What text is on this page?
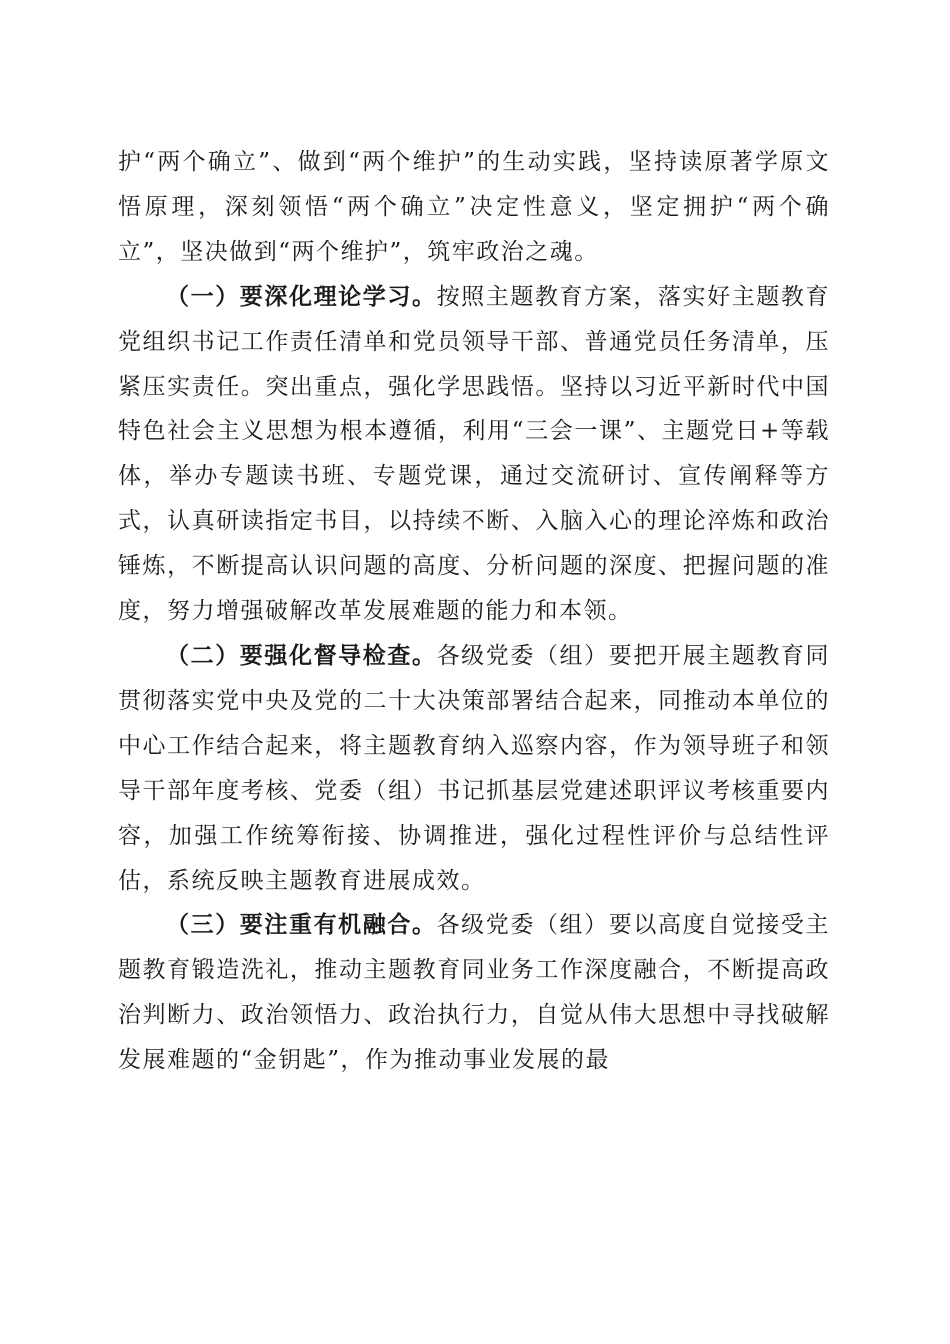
护“两个确立”、做到“两个维护”的生动实践，坚持读原著学原文悟原理，深刻领悟“两个确立”决定性意义，坚定拥护“两个确立”，坚决做到“两个维护”，筑牢政治之魂。

（一）要深化理论学习。按照主题教育方案，落实好主题教育党组织书记工作责任清单和党员领导干部、普通党员任务清单，压紧压实责任。突出重点，强化学思践悟。坚持以习近平新时代中国特色社会主义思想为根本遵循，利用“三会一课”、主题党日+等载体，举办专题读书班、专题党课，通过交流研讨、宣传阐释等方式，认真研读指定书目，以持续不断、入脑入心的理论淬炼和政治锤炼，不断提高认识问题的高度、分析问题的深度、把握问题的准度，努力增强破解改革发展难题的能力和本领。

（二）要强化督导检查。各级党委（组）要把开展主题教育同贯彻落实党中央及党的二十大决策部署结合起来，同推动本单位的中心工作结合起来，将主题教育纳入巡察内容，作为领导班子和领导干部年度考核、党委（组）书记抓基层党建述职评议考核重要内容，加强工作统筹衔接、协调推进，强化过程性评价与总结性评估，系统反映主题教育进展成效。

（三）要注重有机融合。各级党委（组）要以高度自觉接受主题教育锻造洗礼，推动主题教育同业务工作深度融合，不断提高政治判断力、政治领悟力、政治执行力，自觉从伟大思想中寻找破解发展难题的“金钥匙”，作为推动事业发展的最
